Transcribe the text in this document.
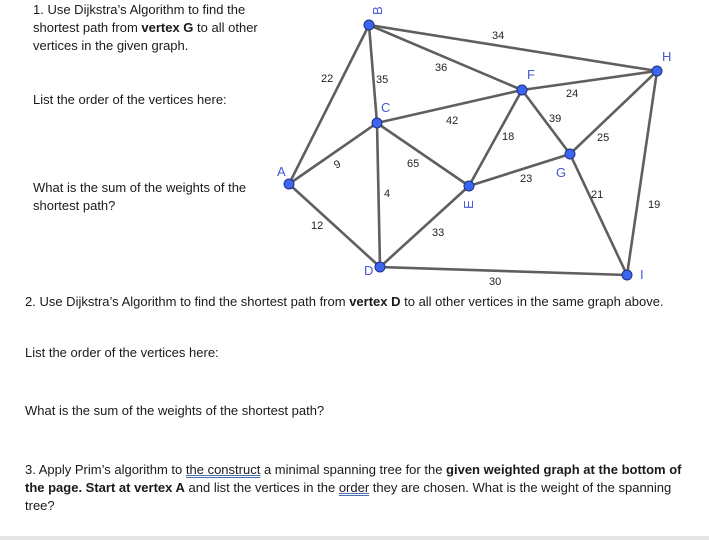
1. Use Dijkstra’s Algorithm to find the shortest path from vertex G to all other vertices in the given graph.
List the order of the vertices here:
What is the sum of the weights of the shortest path?
22
9
12
35
36
34
4
65
42
33
30
18
23
39
24
25
21
19
A
B
C
D
E
F
G
H
I
2. Use Dijkstra’s Algorithm to find the shortest path from vertex D to all other vertices in the same graph above.
List the order of the vertices here:
What is the sum of the weights of the shortest path?
3. Apply Prim’s algorithm to the construct a minimal spanning tree for the given weighted graph at the bottom of the page. Start at vertex A and list the vertices in the order they are chosen. What is the weight of the spanning tree?
